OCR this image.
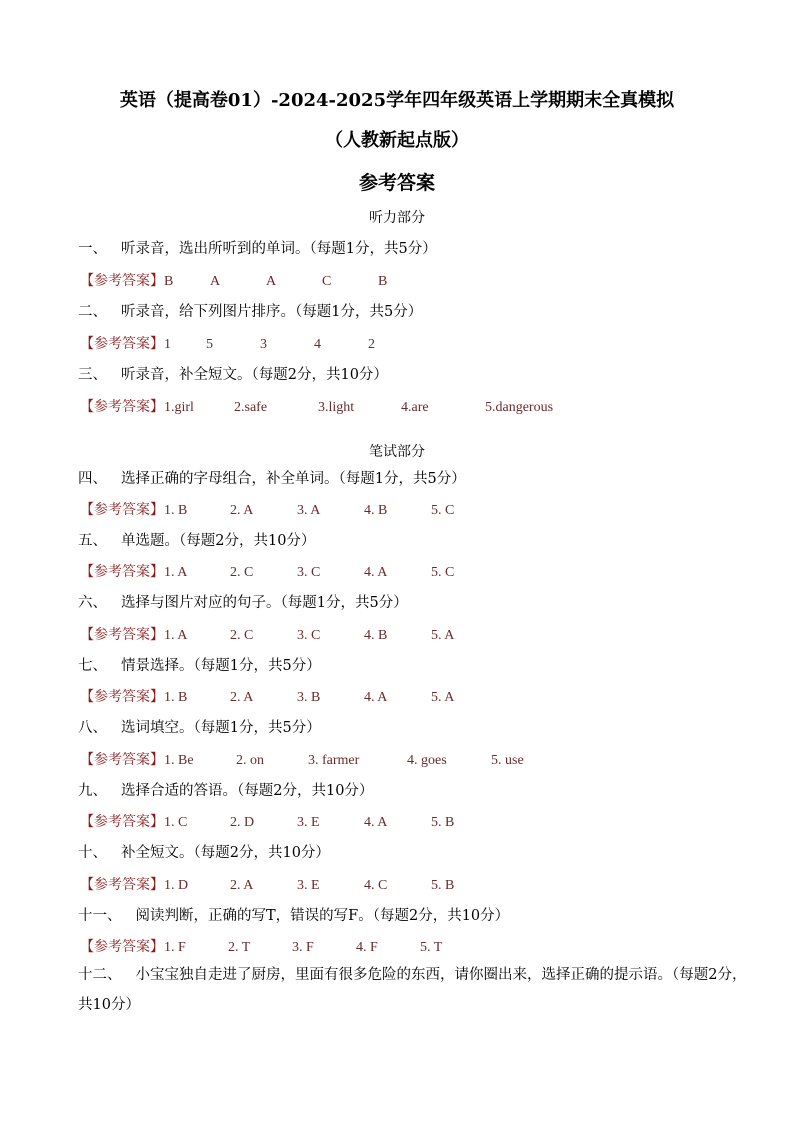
英语（提高卷01）-2024-2025学年四年级英语上学期期末全真模拟
（人教新起点版）
参考答案
听力部分
一、 听录音，选出所听到的单词。（每题1分，共5分）
【参考答案】B	A	A	C	B
二、 听录音，给下列图片排序。（每题1分，共5分）
【参考答案】1	5	3	4	2
三、 听录音，补全短文。（每题2分，共10分）
【参考答案】1.girl	2.safe	3.light	4.are	5.dangerous
笔试部分
四、 选择正确的字母组合，补全单词。（每题1分，共5分）
【参考答案】1. B	2. A	3. A	4. B	5. C
五、 单选题。（每题2分，共10分）
【参考答案】1. A	2. C	3. C	4. A	5. C
六、 选择与图片对应的句子。（每题1分，共5分）
【参考答案】1. A	2. C	3. C	4. B	5. A
七、 情景选择。（每题1分，共5分）
【参考答案】1. B	2. A	3. B	4. A	5. A
八、 选词填空。（每题1分，共5分）
【参考答案】1. Be	2. on	3. farmer	4. goes	5. use
九、 选择合适的答语。（每题2分，共10分）
【参考答案】1. C	2. D	3. E	4. A	5. B
十、 补全短文。（每题2分，共10分）
【参考答案】1. D	2. A	3. E	4. C	5. B
十一、 阅读判断，正确的写T，错误的写F。（每题2分，共10分）
【参考答案】1. F	2. T	3. F	4. F	5. T
十二、 小宝宝独自走进了厨房，里面有很多危险的东西，请你圈出来，选择正确的提示语。（每题2分，共10分）
